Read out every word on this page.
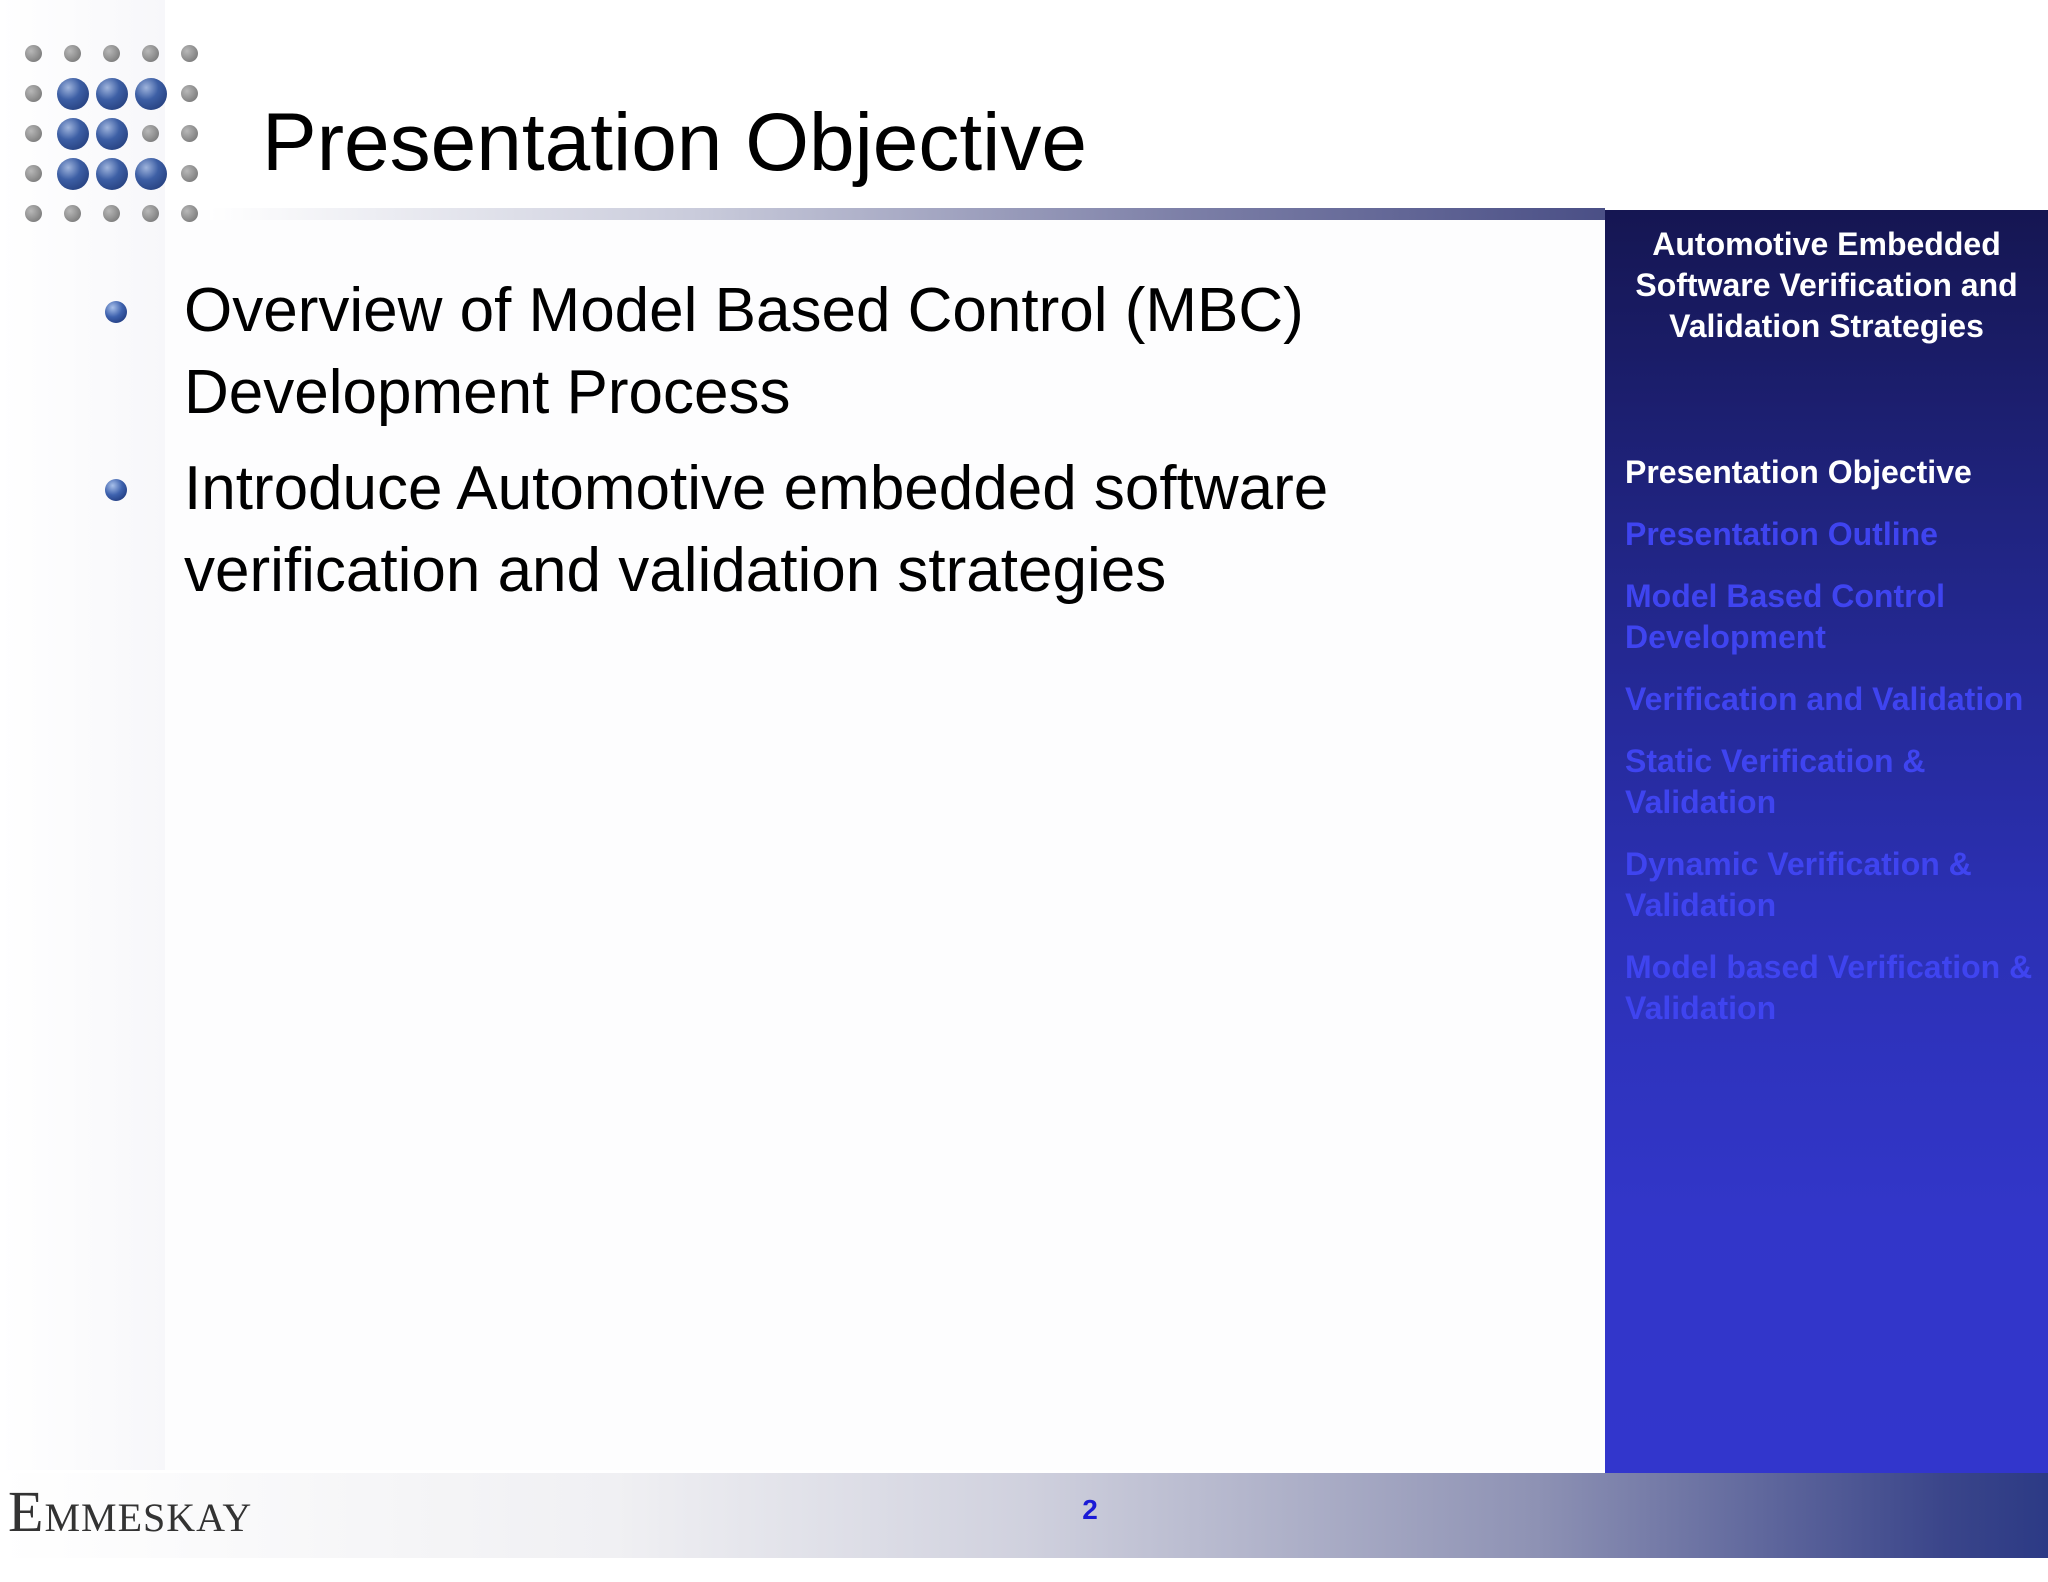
Presentation Objective
Overview of Model Based Control (MBC) Development Process
Introduce Automotive embedded software verification and validation strategies
Automotive Embedded Software Verification and Validation Strategies
Presentation Objective
Presentation Outline
Model Based Control Development
Verification and Validation
Static Verification & Validation
Dynamic Verification & Validation
Model based Verification & Validation
EMMESKAY	2
